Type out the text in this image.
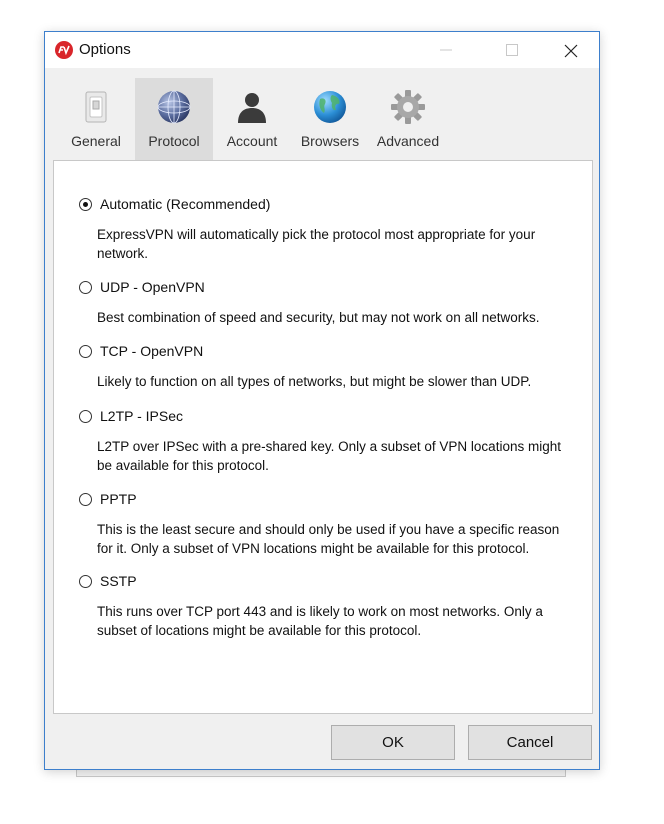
Options
General	Protocol	Account	Browsers	Advanced
Automatic (Recommended)
ExpressVPN will automatically pick the protocol most appropriate for your network.
UDP - OpenVPN
Best combination of speed and security, but may not work on all networks.
TCP - OpenVPN
Likely to function on all types of networks, but might be slower than UDP.
L2TP - IPSec
L2TP over IPSec with a pre-shared key. Only a subset of VPN locations might be available for this protocol.
PPTP
This is the least secure and should only be used if you have a specific reason for it. Only a subset of VPN locations might be available for this protocol.
SSTP
This runs over TCP port 443 and is likely to work on most networks. Only a subset of locations might be available for this protocol.
OK	Cancel
